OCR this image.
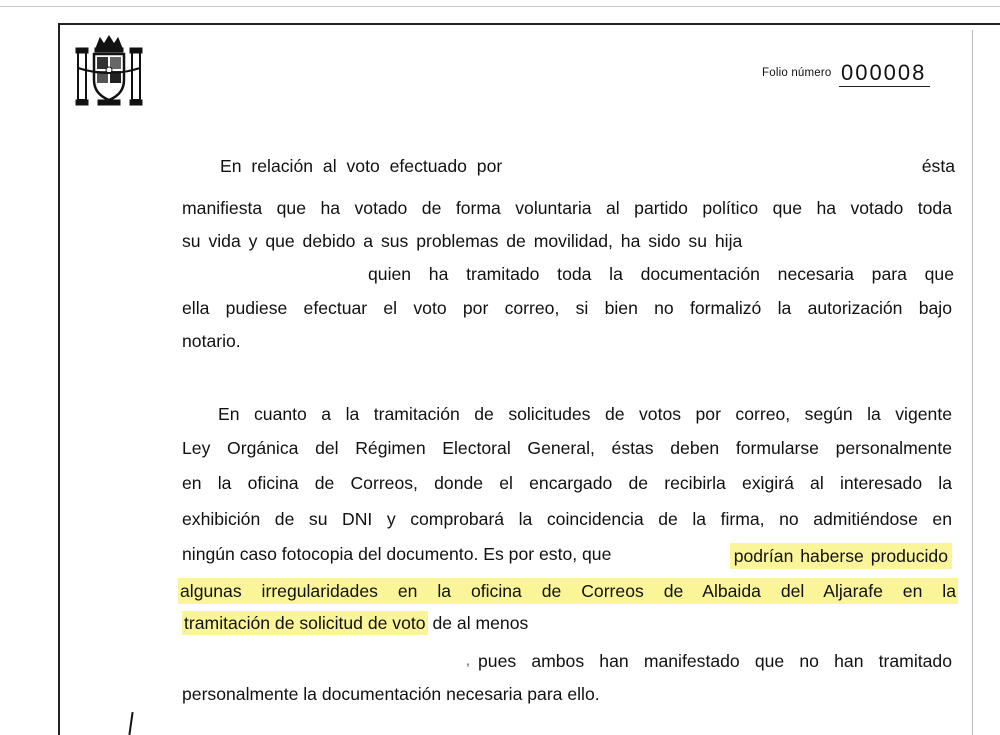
$^{Folio número}$ 000008
En relación al voto efectuado por	ésta
manifiesta que ha votado de forma voluntaria al partido político que ha votado toda
su vida y que debido a sus problemas de movilidad, ha sido su hija
quien ha tramitado toda la documentación necesaria para que
ella pudiese efectuar el voto por correo, si bien no formalizó la autorización bajo
notario.
En cuanto a la tramitación de solicitudes de votos por correo, según la vigente
Ley Orgánica del Régimen Electoral General, éstas deben formularse personalmente
en la oficina de Correos, donde el encargado de recibirla exigirá al interesado la
exhibición de su DNI y comprobará la coincidencia de la firma, no admitiéndose en
ningún caso fotocopia del documento. Es por esto, que	podrían haberse producido
algunas irregularidades en la oficina de Correos de Albaida del Aljarafe en la
tramitación de solicitud de voto de al menos
, pues ambos han manifestado que no han tramitado
personalmente la documentación necesaria para ello.
